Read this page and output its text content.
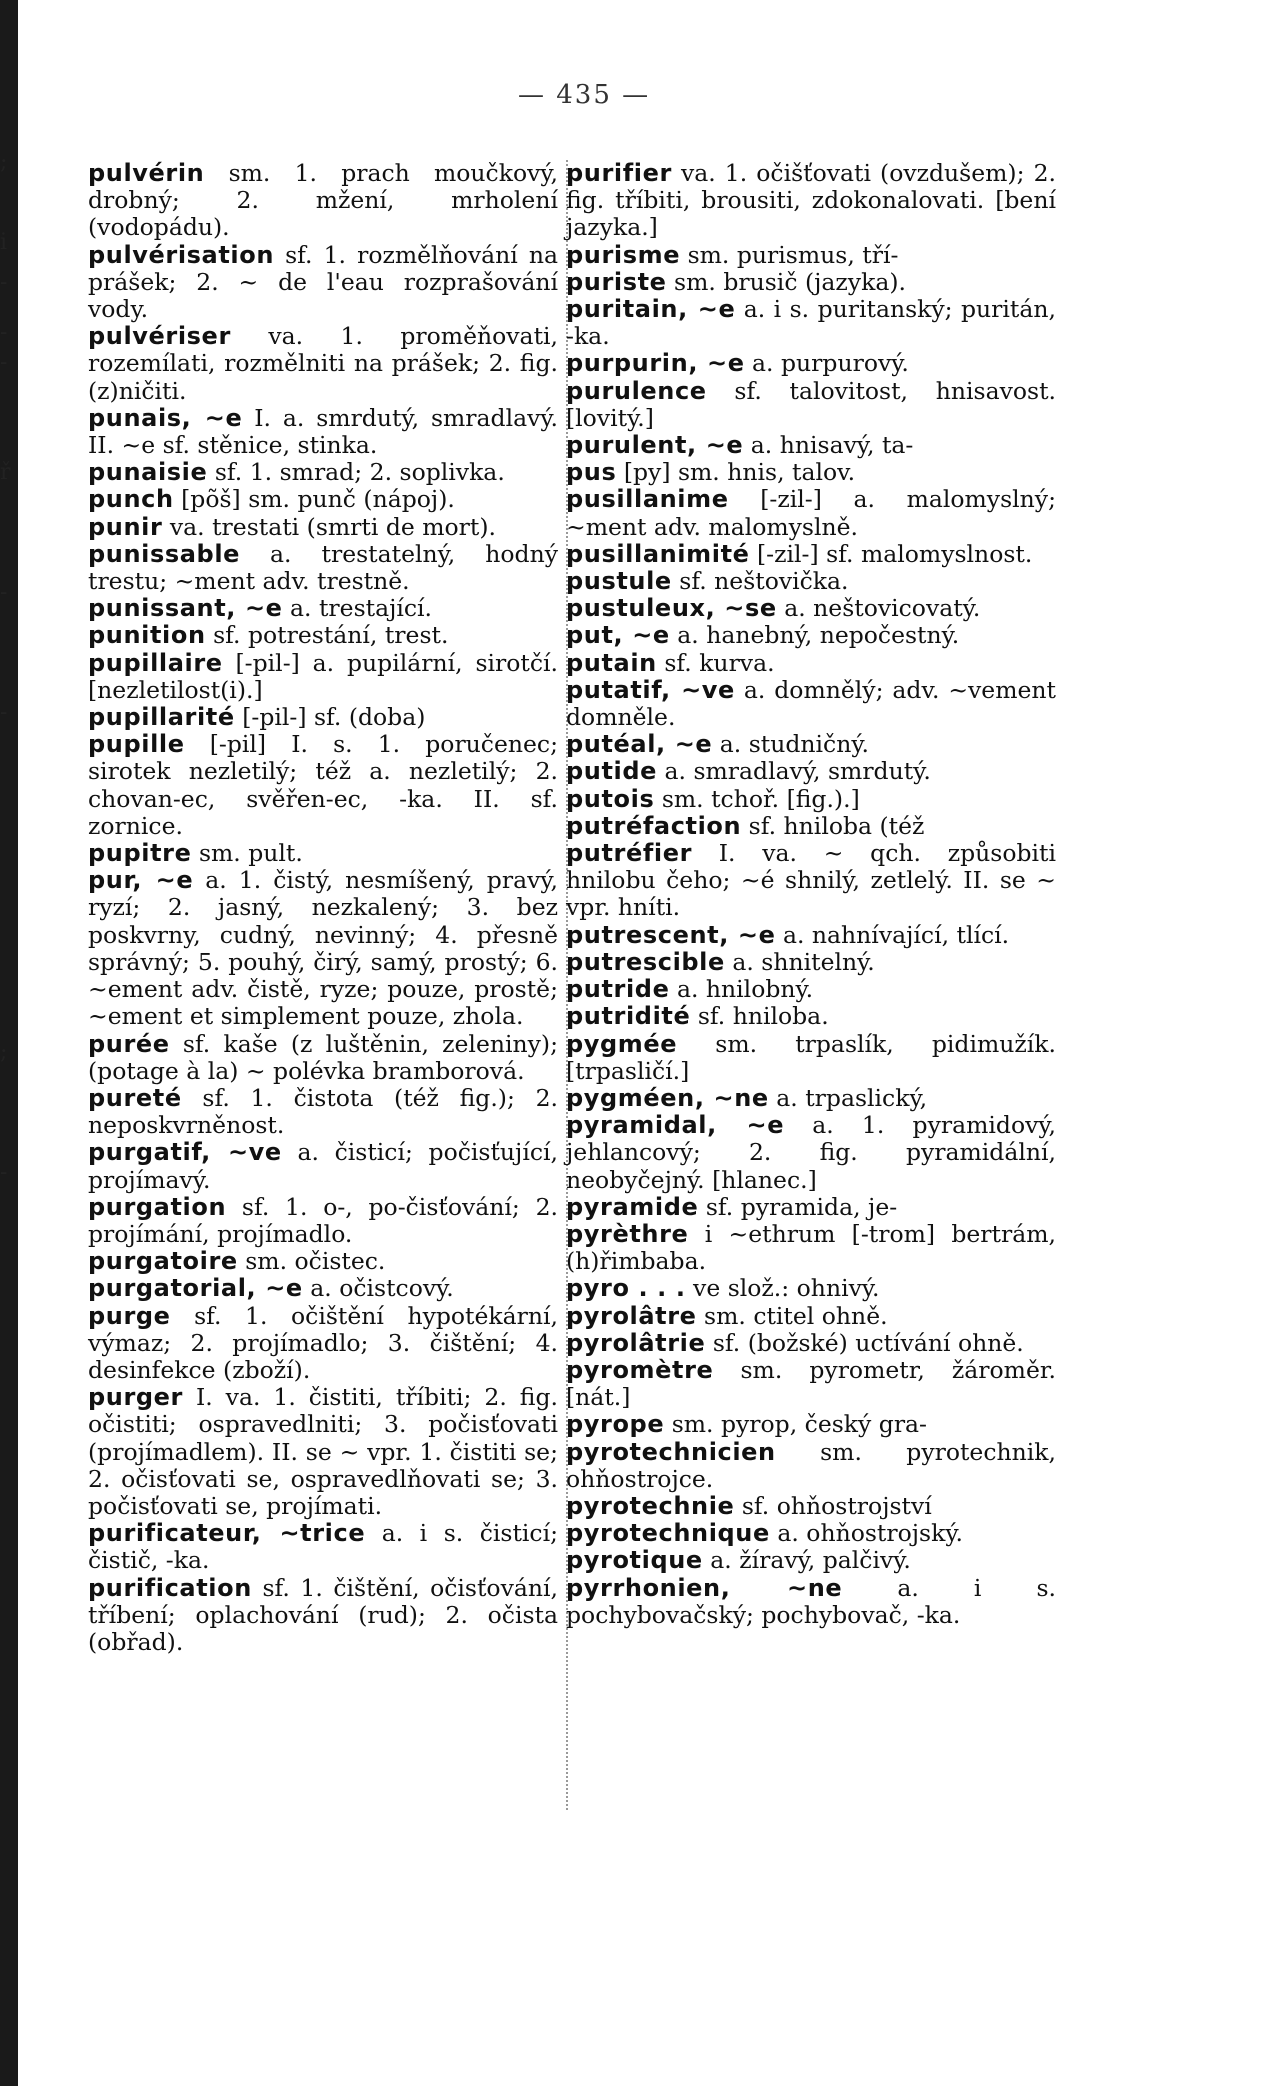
;
i
-
-
-
ř
-
-
;
-
— 435 —

pulvérin sm. 1. prach moučkový, drobný; 2. mžení, mrholení (vodopádu).

pulvérisation sf. 1. rozmělňování na prášek; 2. ~ de l'eau rozprašování vody.

pulvériser va. 1. proměňovati, rozemílati, rozmělniti na prášek; 2. fig. (z)ničiti.

punais, ~e I. a. smrdutý, smradlavý. II. ~e sf. stěnice, stinka.

punaisie sf. 1. smrad; 2. soplivka.

punch [põš] sm. punč (nápoj).

punir va. trestati (smrti de mort).

punissable a. trestatelný, hodný trestu; ~ment adv. trestně.

punissant, ~e a. trestající.

punition sf. potrestání, trest.

pupillaire [-pil-] a. pupilární, sirotčí. [nezletilost(i).]

pupillarité [-pil-] sf. (doba)

pupille [-pil] I. s. 1. poručenec; sirotek nezletilý; též a. nezletilý; 2. chovan-ec, svěřen-ec, -ka. II. sf. zornice.

pupitre sm. pult.

pur, ~e a. 1. čistý, nesmíšený, pravý, ryzí; 2. jasný, nezkalený; 3. bez poskvrny, cudný, nevinný; 4. přesně správný; 5. pouhý, čirý, samý, prostý; 6. ~ement adv. čistě, ryze; pouze, prostě; ~ement et simplement pouze, zhola.

purée sf. kaše (z luštěnin, zeleniny); (potage à la) ~ polévka bramborová.

pureté sf. 1. čistota (též fig.); 2. neposkvrněnost.

purgatif, ~ve a. čisticí; počisťující, projímavý.

purgation sf. 1. o-, po-čisťování; 2. projímání, projímadlo.

purgatoire sm. očistec.

purgatorial, ~e a. očistcový.

purge sf. 1. očištění hypotékární, výmaz; 2. projímadlo; 3. čištění; 4. desinfekce (zboží).

purger I. va. 1. čistiti, tříbiti; 2. fig. očistiti; ospravedlniti; 3. počisťovati (projímadlem). II. se ~ vpr. 1. čistiti se; 2. očisťovati se, ospravedlňovati se; 3. počisťovati se, projímati.

purificateur, ~trice a. i s. čisticí; čistič, -ka.

purification sf. 1. čištění, očisťování, tříbení; oplachování (rud); 2. očista (obřad).

purifier va. 1. očišťovati (ovzdušem); 2. fig. tříbiti, brousiti, zdokonalovati. [bení jazyka.]

purisme sm. purismus, tří-

puriste sm. brusič (jazyka).

puritain, ~e a. i s. puritanský; puritán, -ka.

purpurin, ~e a. purpurový.

purulence sf. talovitost, hnisavost. [lovitý.]

purulent, ~e a. hnisavý, ta-

pus [py] sm. hnis, talov.

pusillanime [-zil-] a. malomyslný; ~ment adv. malomyslně.

pusillanimité [-zil-] sf. malomyslnost.

pustule sf. neštovička.

pustuleux, ~se a. neštovicovatý.

put, ~e a. hanebný, nepočestný.

putain sf. kurva.

putatif, ~ve a. domnělý; adv. ~vement domněle.

putéal, ~e a. studničný.

putide a. smradlavý, smrdutý.

putois sm. tchoř. [fig.).]

putréfaction sf. hniloba (též

putréfier I. va. ~ qch. způsobiti hnilobu čeho; ~é shnilý, zetlelý. II. se ~ vpr. hníti.

putrescent, ~e a. nahnívající, tlící.

putrescible a. shnitelný.

putride a. hnilobný.

putridité sf. hniloba.

pygmée sm. trpaslík, pidimužík. [trpasličí.]

pygméen, ~ne a. trpaslický,

pyramidal, ~e a. 1. pyramidový, jehlancový; 2. fig. pyramidální, neobyčejný. [hlanec.]

pyramide sf. pyramida, je-

pyrèthre i ~ethrum [-trom] bertrám, (h)řimbaba.

pyro . . . ve slož.: ohnivý.

pyrolâtre sm. ctitel ohně.

pyrolâtrie sf. (božské) uctívání ohně.

pyromètre sm. pyrometr, žároměr. [nát.]

pyrope sm. pyrop, český gra-

pyrotechnicien sm. pyrotechnik, ohňostrojce.

pyrotechnie sf. ohňostrojství

pyrotechnique a. ohňostrojský.

pyrotique a. žíravý, palčivý.

pyrrhonien, ~ne a. i s. pochybovačský; pochybovač, -ka.
